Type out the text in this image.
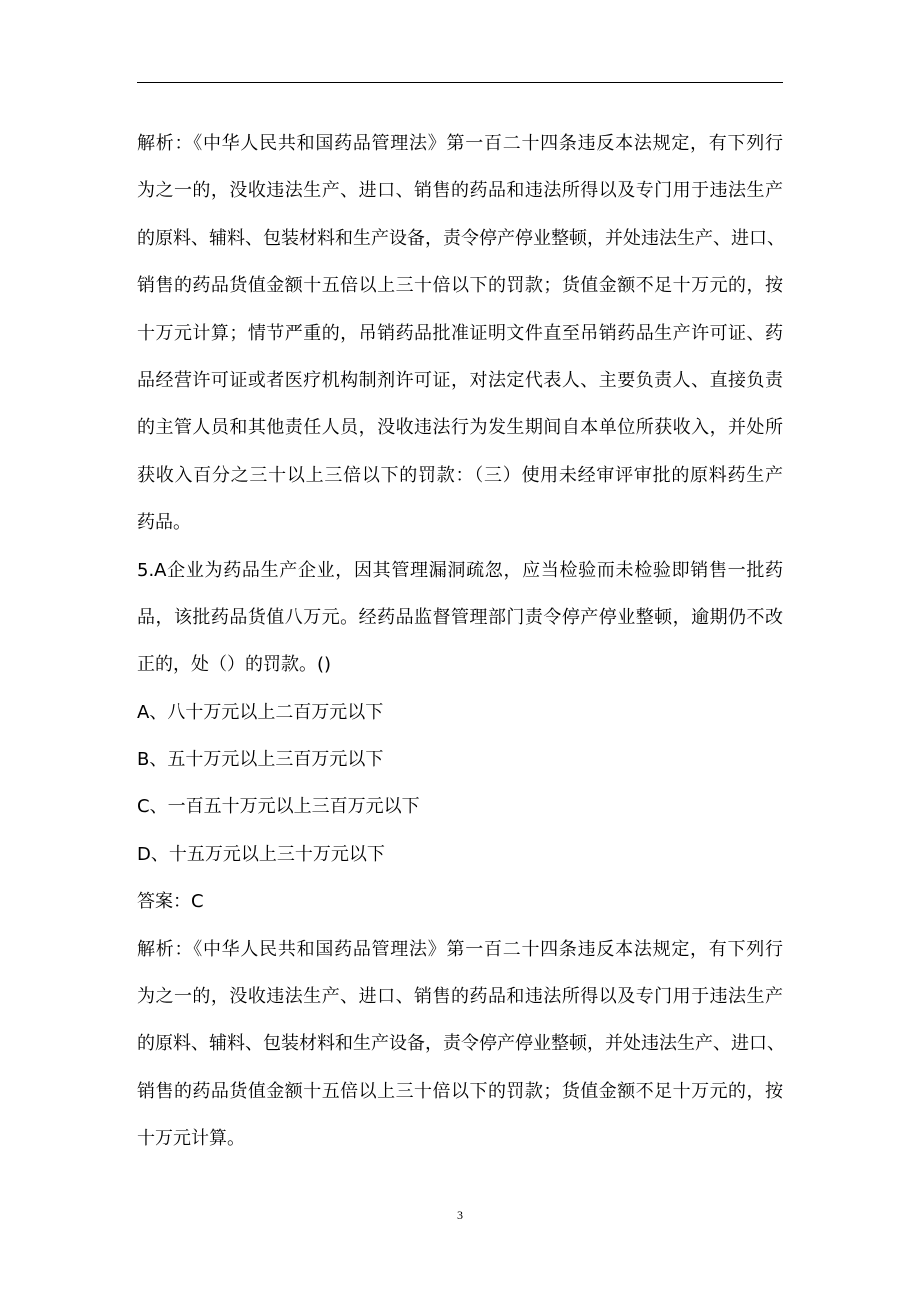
解析：《中华人民共和国药品管理法》第一百二十四条违反本法规定，有下列行
为之一的，没收违法生产、进口、销售的药品和违法所得以及专门用于违法生产
的原料、辅料、包装材料和生产设备，责令停产停业整顿，并处违法生产、进口、
销售的药品货值金额十五倍以上三十倍以下的罚款；货值金额不足十万元的，按
十万元计算；情节严重的，吊销药品批准证明文件直至吊销药品生产许可证、药
品经营许可证或者医疗机构制剂许可证，对法定代表人、主要负责人、直接负责
的主管人员和其他责任人员，没收违法行为发生期间自本单位所获收入，并处所
获收入百分之三十以上三倍以下的罚款：（三）使用未经审评审批的原料药生产
药品。
5.A企业为药品生产企业，因其管理漏洞疏忽，应当检验而未检验即销售一批药
品，该批药品货值八万元。经药品监督管理部门责令停产停业整顿，逾期仍不改
正的，处（）的罚款。()
A、八十万元以上二百万元以下
B、五十万元以上三百万元以下
C、一百五十万元以上三百万元以下
D、十五万元以上三十万元以下
答案：C
解析：《中华人民共和国药品管理法》第一百二十四条违反本法规定，有下列行
为之一的，没收违法生产、进口、销售的药品和违法所得以及专门用于违法生产
的原料、辅料、包装材料和生产设备，责令停产停业整顿，并处违法生产、进口、
销售的药品货值金额十五倍以上三十倍以下的罚款；货值金额不足十万元的，按
十万元计算。
3
